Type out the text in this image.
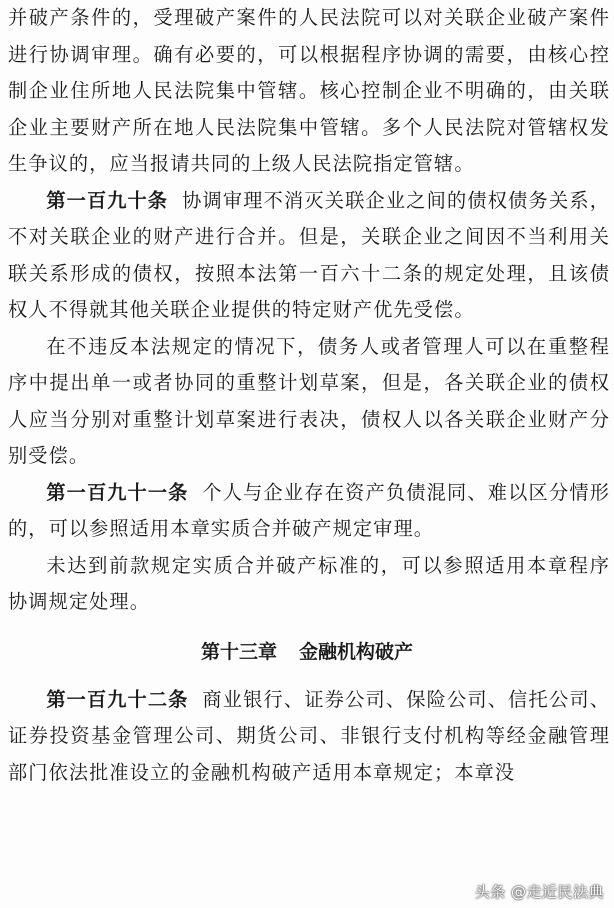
并破产条件的，受理破产案件的人民法院可以对关联企业破产案件进行协调审理。确有必要的，可以根据程序协调的需要，由核心控制企业住所地人民法院集中管辖。核心控制企业不明确的，由关联企业主要财产所在地人民法院集中管辖。多个人民法院对管辖权发生争议的，应当报请共同的上级人民法院指定管辖。

第一百九十条 协调审理不消灭关联企业之间的债权债务关系，不对关联企业的财产进行合并。但是，关联企业之间因不当利用关联关系形成的债权，按照本法第一百六十二条的规定处理，且该债权人不得就其他关联企业提供的特定财产优先受偿。

在不违反本法规定的情况下，债务人或者管理人可以在重整程序中提出单一或者协同的重整计划草案，但是，各关联企业的债权人应当分别对重整计划草案进行表决，债权人以各关联企业财产分别受偿。

第一百九十一条 个人与企业存在资产负债混同、难以区分情形的，可以参照适用本章实质合并破产规定审理。

未达到前款规定实质合并破产标准的，可以参照适用本章程序协调规定处理。

第十三章 金融机构破产

第一百九十二条 商业银行、证券公司、保险公司、信托公司、证券投资基金管理公司、期货公司、非银行支付机构等经金融管理部门依法批准设立的金融机构破产适用本章规定；本章没

头条 @走近民法典
